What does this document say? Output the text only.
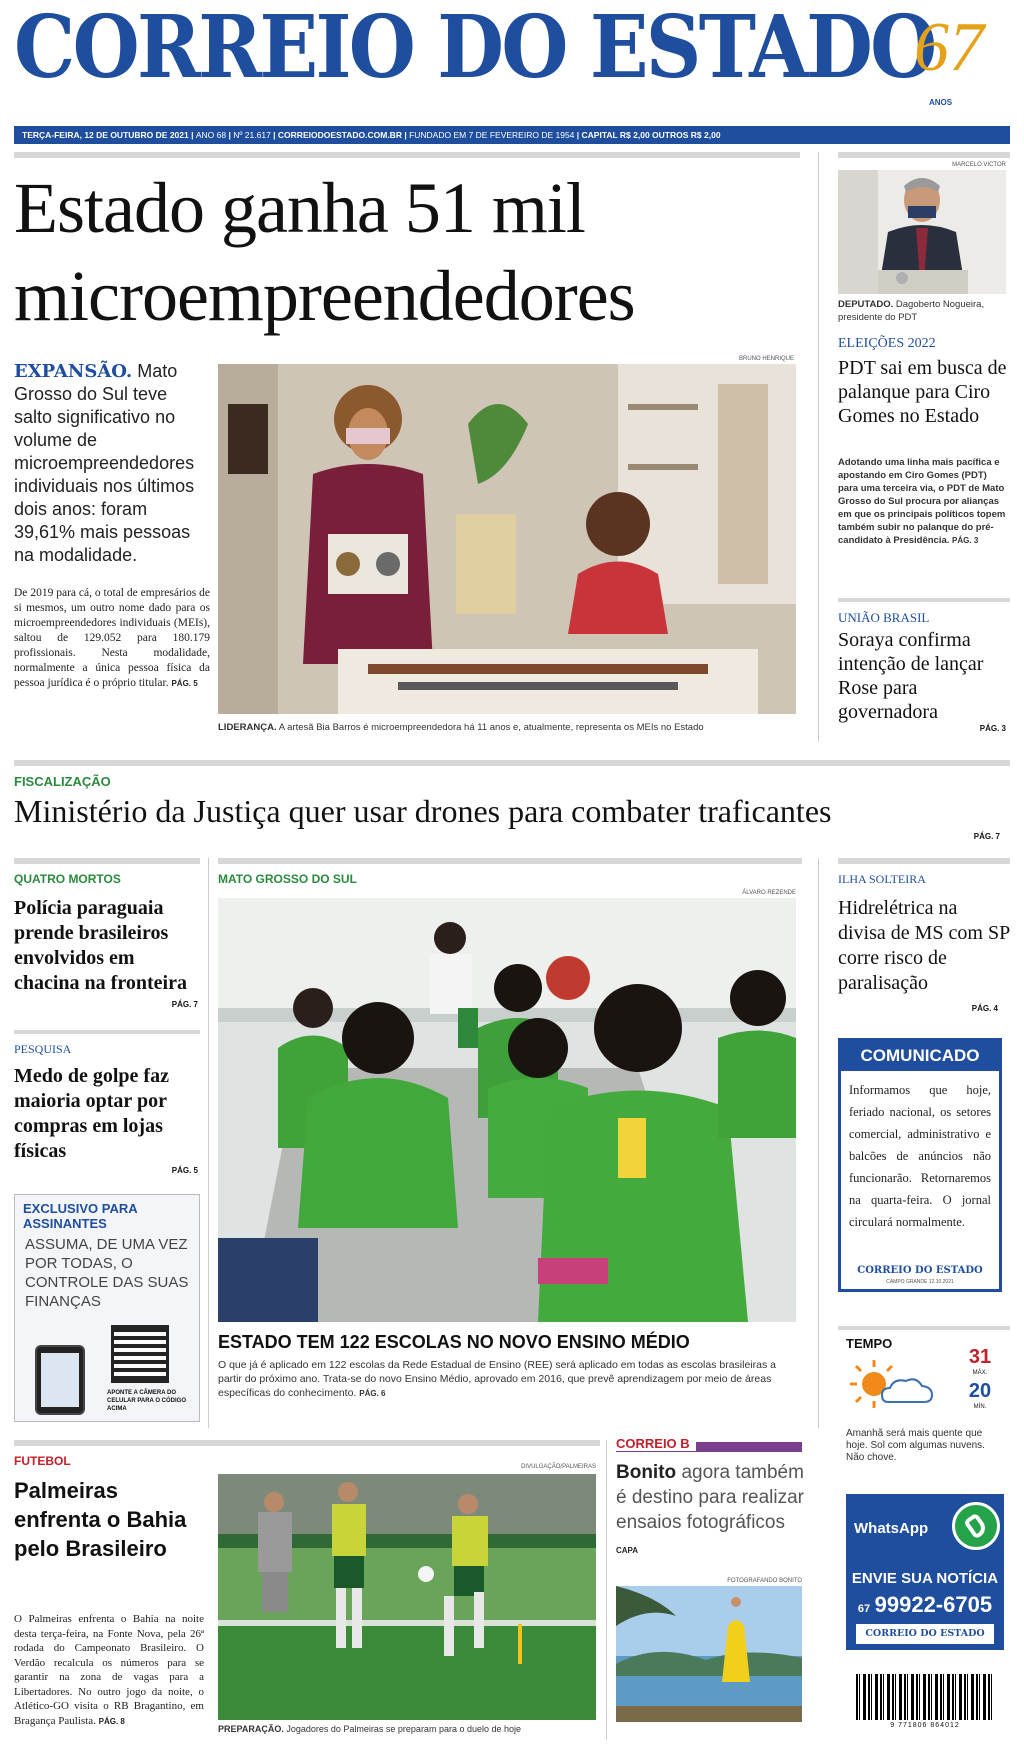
CORREIO DO ESTADO
67
ANOS
TERÇA-FEIRA, 12 DE OUTUBRO DE 2021 | ANO 68 | Nº 21.617 | CORREIODOESTADO.COM.BR | FUNDADO EM 7 DE FEVEREIRO DE 1954 | CAPITAL R$ 2,00 OUTROS R$ 2,00
Estado ganha 51 mil
microempreendedores
EXPANSÃO. Mato Grosso do Sul teve salto significativo no volume de microempreendedores individuais nos últimos dois anos: foram 39,61% mais pessoas na modalidade.
De 2019 para cá, o total de empresários de si mesmos, um outro nome dado para os microempreendedores individuais (MEIs), saltou de 129.052 para 180.179 profissionais. Nesta modalidade, normalmente a única pessoa física da pessoa jurídica é o próprio titular. PÁG. 5
BRUNO HENRIQUE
LIDERANÇA. A artesã Bia Barros é microempreendedora há 11 anos e, atualmente, representa os MEIs no Estado
MARCELO VICTOR
DEPUTADO. Dagoberto Nogueira, presidente do PDT
ELEIÇÕES 2022
PDT sai em busca de palanque para Ciro Gomes no Estado
Adotando uma linha mais pacífica e apostando em Ciro Gomes (PDT) para uma terceira via, o PDT de Mato Grosso do Sul procura por alianças em que os principais políticos topem também subir no palanque do pré-candidato à Presidência. PÁG. 3
UNIÃO BRASIL
Soraya confirma intenção de lançar Rose para governadora
PÁG. 3
FISCALIZAÇÃO
Ministério da Justiça quer usar drones para combater traficantes
PÁG. 7
QUATRO MORTOS
Polícia paraguaia prende brasileiros envolvidos em chacina na fronteira
PÁG. 7
PESQUISA
Medo de golpe faz maioria optar por compras em lojas físicas
PÁG. 5
EXCLUSIVO PARA ASSINANTES
ASSUMA, DE UMA VEZ POR TODAS, O CONTROLE DAS SUAS FINANÇAS
APONTE A CÂMERA DO CELULAR PARA O CÓDIGO ACIMA
MATO GROSSO DO SUL
ÁLVARO REZENDE
ESTADO TEM 122 ESCOLAS NO NOVO ENSINO MÉDIO
O que já é aplicado em 122 escolas da Rede Estadual de Ensino (REE) será aplicado em todas as escolas brasileiras a partir do próximo ano. Trata-se do novo Ensino Médio, aprovado em 2016, que prevê aprendizagem por meio de áreas específicas do conhecimento. PÁG. 6
ILHA SOLTEIRA
Hidrelétrica na divisa de MS com SP corre risco de paralisação
PÁG. 4
COMUNICADO
Informamos que hoje, feriado nacional, os setores comercial, administrativo e balcões de anúncios não funcionarão. Retornaremos na quarta-feira. O jornal circulará normalmente.
CORREIO DO ESTADO
CAMPO GRANDE 12.10.2021
TEMPO
31
MÁX.
20
MÍN.
Amanhã será mais quente que hoje. Sol com algumas nuvens. Não chove.
FUTEBOL
Palmeiras enfrenta o Bahia pelo Brasileiro
O Palmeiras enfrenta o Bahia na noite desta terça-feira, na Fonte Nova, pela 26ª rodada do Campeonato Brasileiro. O Verdão recalcula os números para se garantir na zona de vagas para a Libertadores. No outro jogo da noite, o Atlético-GO visita o RB Bragantino, em Bragança Paulista. PÁG. 8
DIVULGAÇÃO/PALMEIRAS
PREPARAÇÃO. Jogadores do Palmeiras se preparam para o duelo de hoje
CORREIO B
Bonito agora também é destino para realizar ensaios fotográficos CAPA
FOTOGRAFANDO BONITO
WhatsApp
ENVIE SUA NOTÍCIA
67 99922-6705
CORREIO DO ESTADO
9 771806 864012
